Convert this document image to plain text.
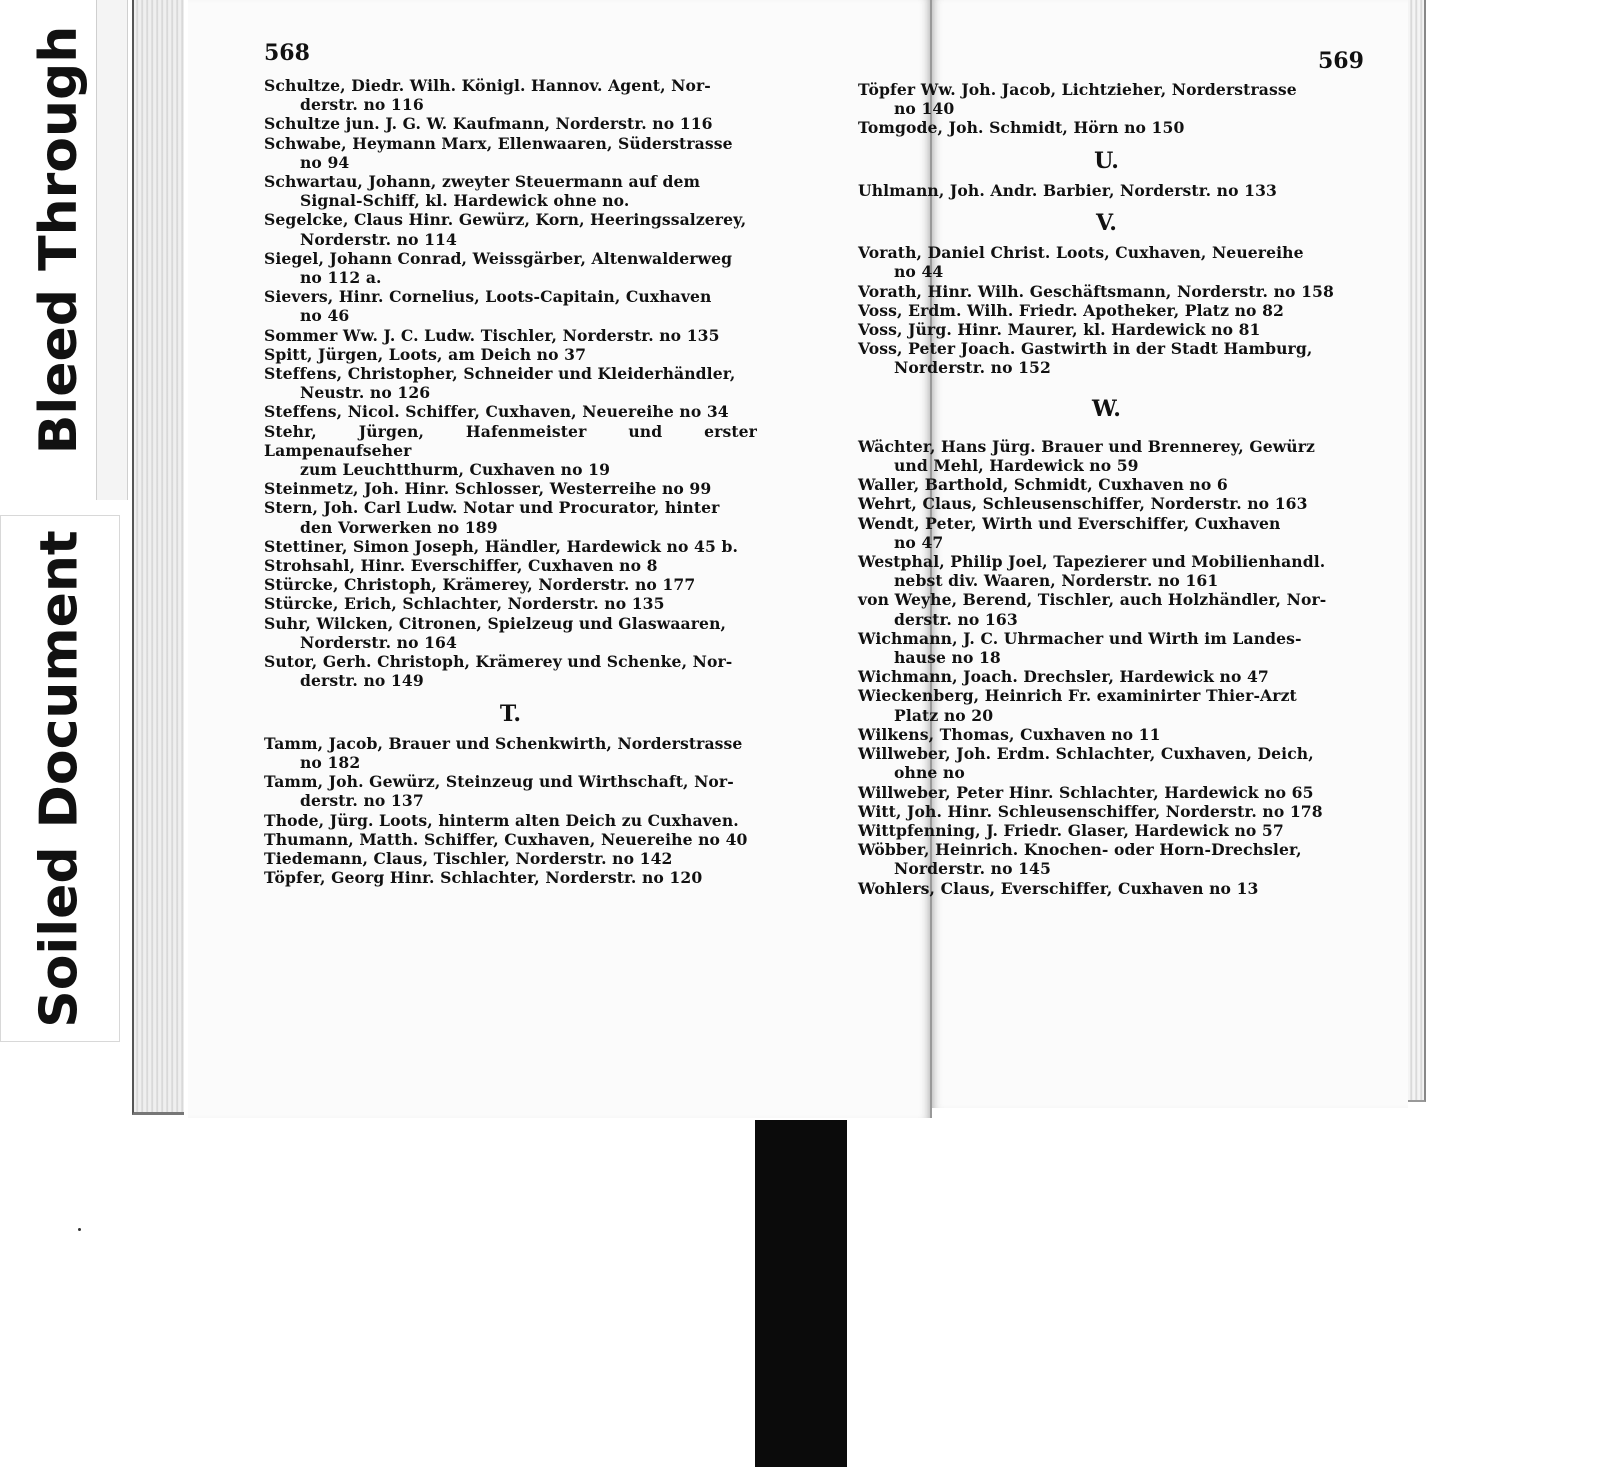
Bleed Through
Soiled Document
568	569
Schultze, Diedr. Wilh. Königl. Hannov. Agent, Nor-
derstr. no 116
Schultze jun. J. G. W. Kaufmann, Norderstr. no 116
Schwabe, Heymann Marx, Ellenwaaren, Süderstrasse
no 94
Schwartau, Johann, zweyter Steuermann auf dem
Signal-Schiff, kl. Hardewick ohne no.
Segelcke, Claus Hinr. Gewürz, Korn, Heeringssalzerey,
Norderstr. no 114
Siegel, Johann Conrad, Weissgärber, Altenwalderweg
no 112 a.
Sievers, Hinr. Cornelius, Loots-Capitain, Cuxhaven
no 46
Sommer Ww. J. C. Ludw. Tischler, Norderstr. no 135
Spitt, Jürgen, Loots, am Deich no 37
Steffens, Christopher, Schneider und Kleiderhändler,
Neustr. no 126
Steffens, Nicol. Schiffer, Cuxhaven, Neuereihe no 34
Stehr, Jürgen, Hafenmeister und erster Lampenaufseher
zum Leuchtthurm, Cuxhaven no 19
Steinmetz, Joh. Hinr. Schlosser, Westerreihe no 99
Stern, Joh. Carl Ludw. Notar und Procurator, hinter
den Vorwerken no 189
Stettiner, Simon Joseph, Händler, Hardewick no 45 b.
Strohsahl, Hinr. Everschiffer, Cuxhaven no 8
Stürcke, Christoph, Krämerey, Norderstr. no 177
Stürcke, Erich, Schlachter, Norderstr. no 135
Suhr, Wilcken, Citronen, Spielzeug und Glaswaaren,
Norderstr. no 164
Sutor, Gerh. Christoph, Krämerey und Schenke, Nor-
derstr. no 149
T.
Tamm, Jacob, Brauer und Schenkwirth, Norderstrasse
no 182
Tamm, Joh. Gewürz, Steinzeug und Wirthschaft, Nor-
derstr. no 137
Thode, Jürg. Loots, hinterm alten Deich zu Cuxhaven.
Thumann, Matth. Schiffer, Cuxhaven, Neuereihe no 40
Tiedemann, Claus, Tischler, Norderstr. no 142
Töpfer, Georg Hinr. Schlachter, Norderstr. no 120
Töpfer Ww. Joh. Jacob, Lichtzieher, Norderstrasse
no 140
Tomgode, Joh. Schmidt, Hörn no 150
U.
Uhlmann, Joh. Andr. Barbier, Norderstr. no 133
V.
Vorath, Daniel Christ. Loots, Cuxhaven, Neuereihe
no 44
Vorath, Hinr. Wilh. Geschäftsmann, Norderstr. no 158
Voss, Erdm. Wilh. Friedr. Apotheker, Platz no 82
Voss, Jürg. Hinr. Maurer, kl. Hardewick no 81
Voss, Peter Joach. Gastwirth in der Stadt Hamburg,
Norderstr. no 152
W.
Wächter, Hans Jürg. Brauer und Brennerey, Gewürz
und Mehl, Hardewick no 59
Waller, Barthold, Schmidt, Cuxhaven no 6
Wehrt, Claus, Schleusenschiffer, Norderstr. no 163
Wendt, Peter, Wirth und Everschiffer, Cuxhaven
no 47
Westphal, Philip Joel, Tapezierer und Mobilienhandl.
nebst div. Waaren, Norderstr. no 161
von Weyhe, Berend, Tischler, auch Holzhändler, Nor-
derstr. no 163
Wichmann, J. C. Uhrmacher und Wirth im Landes-
hause no 18
Wichmann, Joach. Drechsler, Hardewick no 47
Wieckenberg, Heinrich Fr. examinirter Thier-Arzt
Platz no 20
Wilkens, Thomas, Cuxhaven no 11
Willweber, Joh. Erdm. Schlachter, Cuxhaven, Deich,
ohne no
Willweber, Peter Hinr. Schlachter, Hardewick no 65
Witt, Joh. Hinr. Schleusenschiffer, Norderstr. no 178
Wittpfenning, J. Friedr. Glaser, Hardewick no 57
Wöbber, Heinrich. Knochen- oder Horn-Drechsler,
Norderstr. no 145
Wohlers, Claus, Everschiffer, Cuxhaven no 13
